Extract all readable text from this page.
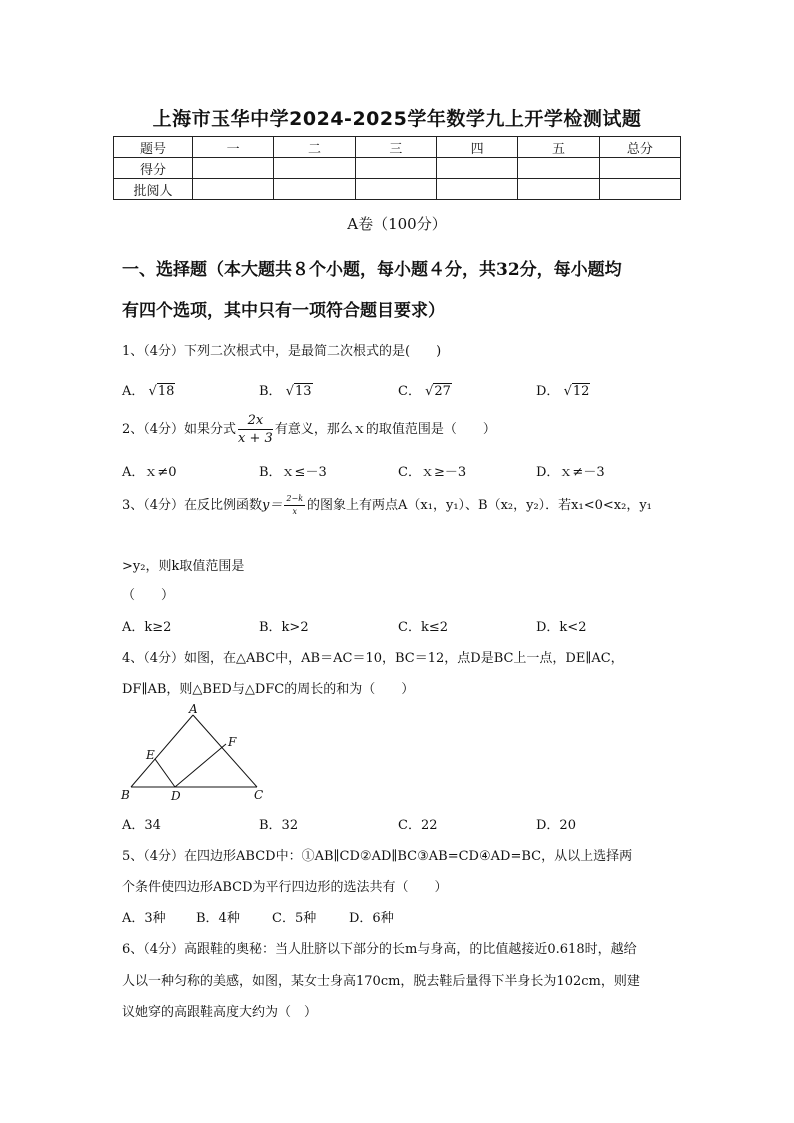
上海市玉华中学2024-2025学年数学九上开学检测试题
题号	一	二	三	四	五	总分
得分						
批阅人						
A卷（100分）
一、选择题（本大题共８个小题，每小题４分，共32分，每小题均
有四个选项，其中只有一项符合题目要求）
1、（4分）下列二次根式中，是最简二次根式的是(　　)
A． √18	B． √13	C． √27	D． √12
2、（4分）如果分式 $\frac{2x}{x + 3}$ 有意义，那么ｘ的取值范围是（　　）
A．ｘ≠0	B．ｘ≤－3	C．ｘ≥－3	D．ｘ≠－3
3、（4分）在反比例函数$y= \frac{2-k}{x}$ 的图象上有两点A（x₁，y₁）、B（x₂，y₂）．若x₁<0<x₂，y₁
>y₂，则k取值范围是
（　　）
A．k≥2	B．k>2	C．k≤2	D．k<2
4、（4分）如图，在△ABC中，AB＝AC＝10，BC＝12，点D是BC上一点，DE∥AC，
DF∥AB，则△BED与△DFC的周长的和为（　　）
A
B	C
D
E
F
A．34	B．32	C．22	D．20
5、（4分）在四边形ABCD中：①AB∥CD②AD∥BC③AB=CD④AD=BC，从以上选择两
个条件使四边形ABCD为平行四边形的选法共有（　　）
A．3种 B．4种 C．5种	D．6种
6、（4分）高跟鞋的奥秘：当人肚脐以下部分的长m与身高，的比值越接近0.618时，越给
人以一种匀称的美感，如图，某女士身高170cm，脱去鞋后量得下半身长为102cm，则建
议她穿的高跟鞋高度大约为（　）
